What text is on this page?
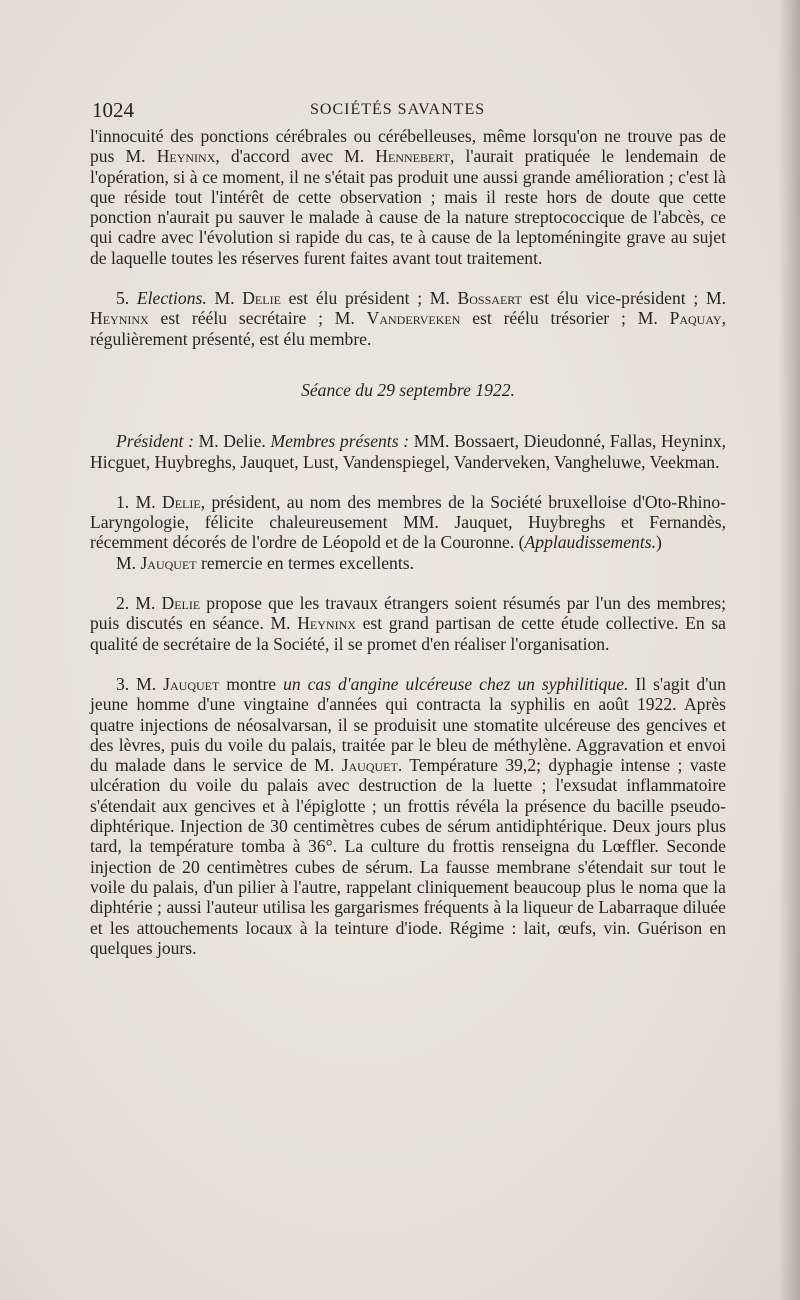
1024	SOCIÉTÉS SAVANTES

l'innocuité des ponctions cérébrales ou cérébelleuses, même lorsqu'on ne trouve pas de pus M. Heyninx, d'accord avec M. Hennebert, l'aurait pratiquée le lendemain de l'opération, si à ce moment, il ne s'était pas produit une aussi grande amélioration ; c'est là que réside tout l'intérêt de cette observation ; mais il reste hors de doute que cette ponction n'aurait pu sauver le malade à cause de la nature streptococcique de l'abcès, ce qui cadre avec l'évolution si rapide du cas, te à cause de la leptoméningite grave au sujet de laquelle toutes les réserves furent faites avant tout traitement.

5. Elections. M. Delie est élu président ; M. Bossaert est élu vice-président ; M. Heyninx est réélu secrétaire ; M. Vanderveken est réélu trésorier ; M. Paquay, régulièrement présenté, est élu membre.

Séance du 29 septembre 1922.

Président : M. Delie. Membres présents : MM. Bossaert, Dieudonné, Fallas, Heyninx, Hicguet, Huybreghs, Jauquet, Lust, Vandenspiegel, Vanderveken, Vangheluwe, Veekman.

1. M. Delie, président, au nom des membres de la Société bruxelloise d'Oto-Rhino-Laryngologie, félicite chaleureusement MM. Jauquet, Huybreghs et Fernandès, récemment décorés de l'ordre de Léopold et de la Couronne. (Applaudissements.)

M. Jauquet remercie en termes excellents.

2. M. Delie propose que les travaux étrangers soient résumés par l'un des membres; puis discutés en séance. M. Heyninx est grand partisan de cette étude collective. En sa qualité de secrétaire de la Société, il se promet d'en réaliser l'organisation.

3. M. Jauquet montre un cas d'angine ulcéreuse chez un syphilitique. Il s'agit d'un jeune homme d'une vingtaine d'années qui contracta la syphilis en août 1922. Après quatre injections de néosalvarsan, il se produisit une stomatite ulcéreuse des gencives et des lèvres, puis du voile du palais, traitée par le bleu de méthylène. Aggravation et envoi du malade dans le service de M. Jauquet. Température 39,2; dyphagie intense ; vaste ulcération du voile du palais avec destruction de la luette ; l'exsudat inflammatoire s'étendait aux gencives et à l'épiglotte ; un frottis révéla la présence du bacille pseudo-diphtérique. Injection de 30 centimètres cubes de sérum antidiphtérique. Deux jours plus tard, la température tomba à 36°. La culture du frottis renseigna du Lœffler. Seconde injection de 20 centimètres cubes de sérum. La fausse membrane s'étendait sur tout le voile du palais, d'un pilier à l'autre, rappelant cliniquement beaucoup plus le noma que la diphtérie ; aussi l'auteur utilisa les gargarismes fréquents à la liqueur de Labarraque diluée et les attouchements locaux à la teinture d'iode. Régime : lait, œufs, vin. Guérison en quelques jours.
